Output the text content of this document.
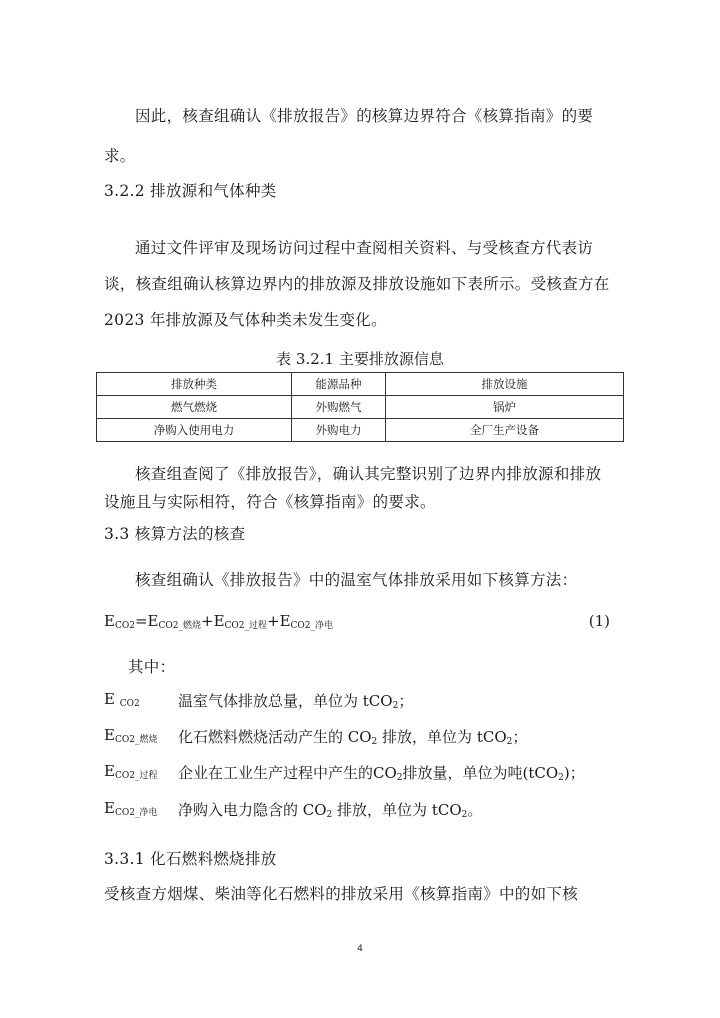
因此，核查组确认《排放报告》的核算边界符合《核算指南》的要求。
3.2.2 排放源和气体种类
通过文件评审及现场访问过程中查阅相关资料、与受核查方代表访谈，核查组确认核算边界内的排放源及排放设施如下表所示。受核查方在 2023 年排放源及气体种类未发生变化。
表 3.2.1 主要排放源信息
排放种类	能源品种	排放设施
燃气燃烧	外购燃气	锅炉
净购入使用电力	外购电力	全厂生产设备
核查组查阅了《排放报告》，确认其完整识别了边界内排放源和排放设施且与实际相符，符合《核算指南》的要求。
3.3 核算方法的核查
核查组确认《排放报告》中的温室气体排放采用如下核算方法：
$E_{CO2}=E_{CO2\_燃烧}+E_{CO2\_过程}+E_{CO2\_净电}$	(1)
其中：
E $_{CO2}$	温室气体排放总量，单位为 tCO$_2$；
$E_{CO2\_燃烧}$ 化石燃料燃烧活动产生的 $CO_2$ 排放，单位为 tCO$_2$；
$E_{CO2\_过程}$ 企业在工业生产过程中产生的$CO_2$排放量，单位为吨(tCO$_2$)；
$E_{CO2\_净电}$ 净购入电力隐含的 $CO_2$ 排放，单位为 tCO$_2$。
3.3.1 化石燃料燃烧排放
受核查方烟煤、柴油等化石燃料的排放采用《核算指南》中的如下核
4
